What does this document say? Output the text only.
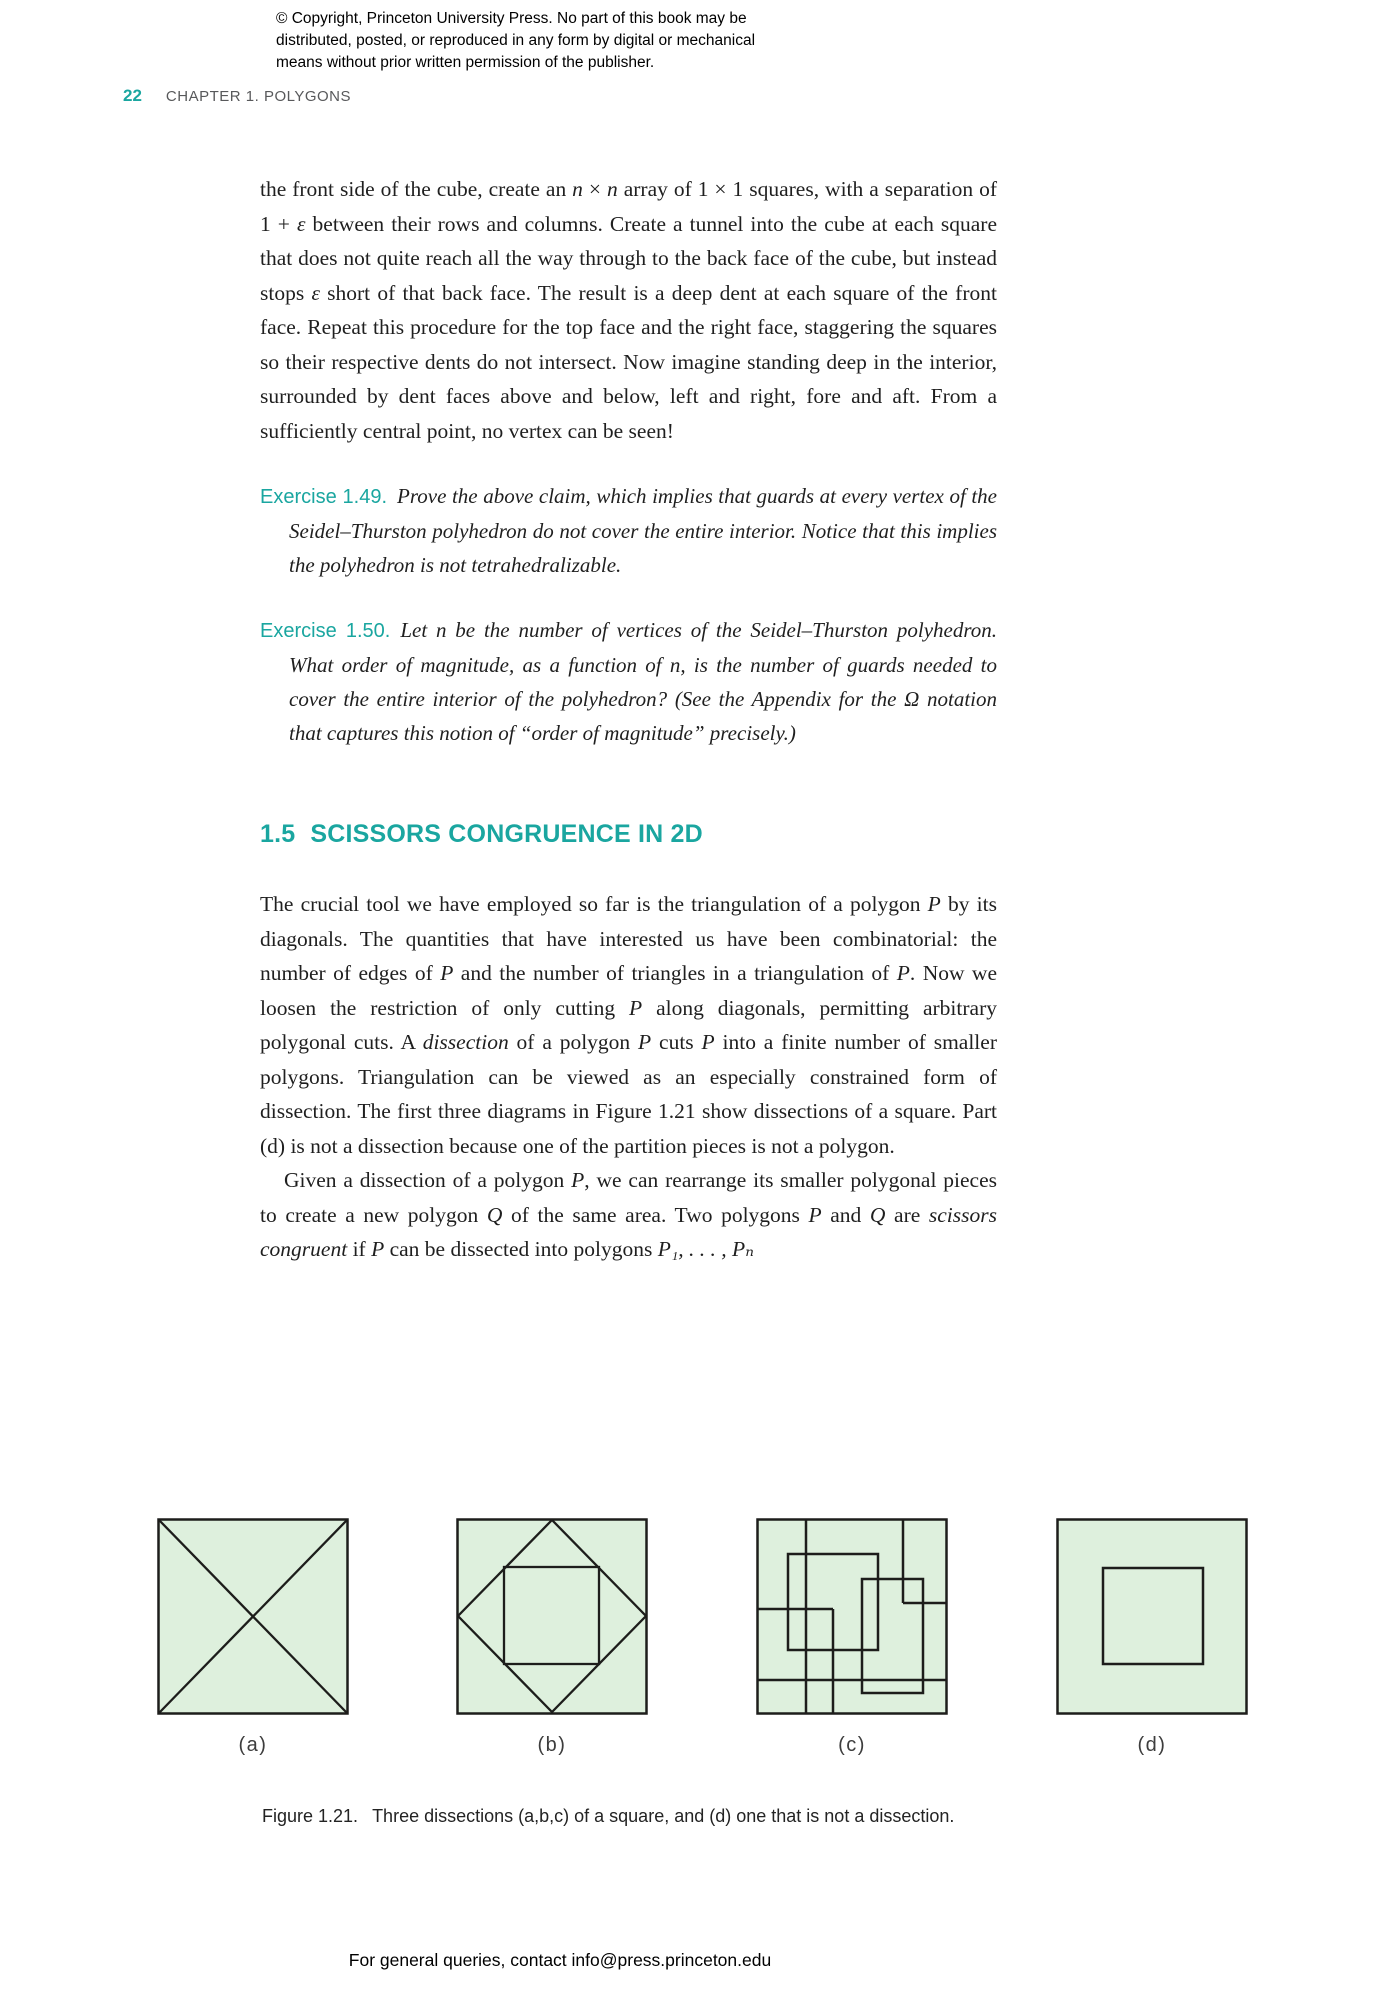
© Copyright, Princeton University Press. No part of this book may be
distributed, posted, or reproduced in any form by digital or mechanical
means without prior written permission of the publisher.
22 CHAPTER 1. POLYGONS

the front side of the cube, create an n × n array of 1 × 1 squares, with a separation of 1 + ε between their rows and columns. Create a tunnel into the cube at each square that does not quite reach all the way through to the back face of the cube, but instead stops ε short of that back face. The result is a deep dent at each square of the front face. Repeat this procedure for the top face and the right face, staggering the squares so their respective dents do not intersect. Now imagine standing deep in the interior, surrounded by dent faces above and below, left and right, fore and aft. From a sufficiently central point, no vertex can be seen!

Exercise 1.49. Prove the above claim, which implies that guards at every vertex of the Seidel–Thurston polyhedron do not cover the entire interior. Notice that this implies the polyhedron is not tetrahedralizable.

Exercise 1.50. Let n be the number of vertices of the Seidel–Thurston polyhedron. What order of magnitude, as a function of n, is the number of guards needed to cover the entire interior of the polyhedron? (See the Appendix for the Ω notation that captures this notion of “order of magnitude” precisely.)

1.5 SCISSORS CONGRUENCE IN 2D

The crucial tool we have employed so far is the triangulation of a polygon P by its diagonals. The quantities that have interested us have been combinatorial: the number of edges of P and the number of triangles in a triangulation of P. Now we loosen the restriction of only cutting P along diagonals, permitting arbitrary polygonal cuts. A dissection of a polygon P cuts P into a finite number of smaller polygons. Triangulation can be viewed as an especially constrained form of dissection. The first three diagrams in Figure 1.21 show dissections of a square. Part (d) is not a dissection because one of the partition pieces is not a polygon.

Given a dissection of a polygon P, we can rearrange its smaller polygonal pieces to create a new polygon Q of the same area. Two polygons P and Q are scissors congruent if P can be dissected into polygons P₁, . . . , Pₙ

(a)	(b)	(c)	(d)
Figure 1.21. Three dissections (a,b,c) of a square, and (d) one that is not a dissection.
For general queries, contact info@press.princeton.edu
